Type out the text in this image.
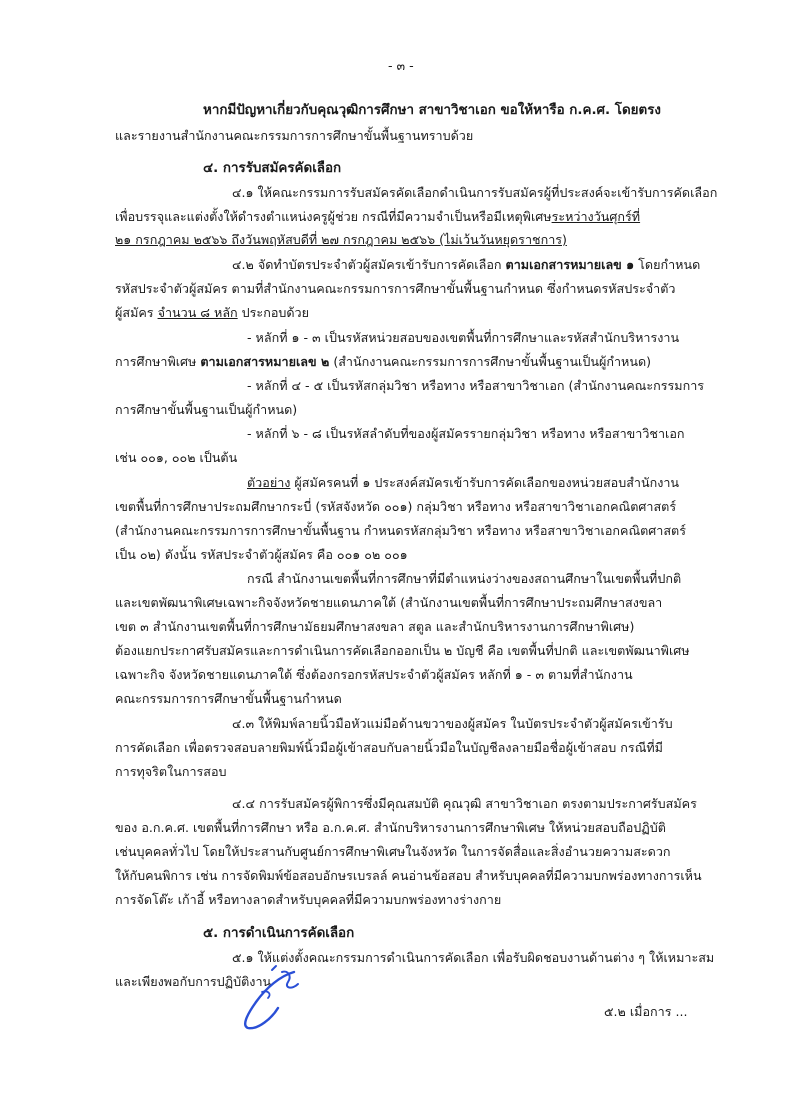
- ๓ -
หากมีปัญหาเกี่ยวกับคุณวุฒิการศึกษา สาขาวิชาเอก ขอให้หารือ ก.ค.ศ. โดยตรง
และรายงานสำนักงานคณะกรรมการการศึกษาขั้นพื้นฐานทราบด้วย
๔. การรับสมัครคัดเลือก
๔.๑ ให้คณะกรรมการรับสมัครคัดเลือกดำเนินการรับสมัครผู้ที่ประสงค์จะเข้ารับการคัดเลือก
เพื่อบรรจุและแต่งตั้งให้ดำรงตำแหน่งครูผู้ช่วย กรณีที่มีความจำเป็นหรือมีเหตุพิเศษระหว่างวันศุกร์ที่
๒๑ กรกฎาคม ๒๕๖๖ ถึงวันพฤหัสบดีที่ ๒๗ กรกฎาคม ๒๕๖๖ (ไม่เว้นวันหยุดราชการ)
๔.๒ จัดทำบัตรประจำตัวผู้สมัครเข้ารับการคัดเลือก ตามเอกสารหมายเลข ๑ โดยกำหนด
รหัสประจำตัวผู้สมัคร ตามที่สำนักงานคณะกรรมการการศึกษาขั้นพื้นฐานกำหนด ซึ่งกำหนดรหัสประจำตัว
ผู้สมัคร จำนวน ๘ หลัก ประกอบด้วย
- หลักที่ ๑ - ๓ เป็นรหัสหน่วยสอบของเขตพื้นที่การศึกษาและรหัสสำนักบริหารงาน
การศึกษาพิเศษ ตามเอกสารหมายเลข ๒ (สำนักงานคณะกรรมการการศึกษาขั้นพื้นฐานเป็นผู้กำหนด)
- หลักที่ ๔ - ๕ เป็นรหัสกลุ่มวิชา หรือทาง หรือสาขาวิชาเอก (สำนักงานคณะกรรมการ
การศึกษาขั้นพื้นฐานเป็นผู้กำหนด)
- หลักที่ ๖ - ๘ เป็นรหัสลำดับที่ของผู้สมัครรายกลุ่มวิชา หรือทาง หรือสาขาวิชาเอก
เช่น ๐๐๑, ๐๐๒ เป็นต้น
ตัวอย่าง ผู้สมัครคนที่ ๑ ประสงค์สมัครเข้ารับการคัดเลือกของหน่วยสอบสำนักงาน
เขตพื้นที่การศึกษาประถมศึกษากระบี่ (รหัสจังหวัด ๐๐๑) กลุ่มวิชา หรือทาง หรือสาขาวิชาเอกคณิตศาสตร์
(สำนักงานคณะกรรมการการศึกษาขั้นพื้นฐาน กำหนดรหัสกลุ่มวิชา หรือทาง หรือสาขาวิชาเอกคณิตศาสตร์
เป็น ๐๒) ดังนั้น รหัสประจำตัวผู้สมัคร คือ ๐๐๑ ๐๒ ๐๐๑
กรณี สำนักงานเขตพื้นที่การศึกษาที่มีตำแหน่งว่างของสถานศึกษาในเขตพื้นที่ปกติ
และเขตพัฒนาพิเศษเฉพาะกิจจังหวัดชายแดนภาคใต้ (สำนักงานเขตพื้นที่การศึกษาประถมศึกษาสงขลา
เขต ๓ สำนักงานเขตพื้นที่การศึกษามัธยมศึกษาสงขลา สตูล และสำนักบริหารงานการศึกษาพิเศษ)
ต้องแยกประกาศรับสมัครและการดำเนินการคัดเลือกออกเป็น ๒ บัญชี คือ เขตพื้นที่ปกติ และเขตพัฒนาพิเศษ
เฉพาะกิจ จังหวัดชายแดนภาคใต้ ซึ่งต้องกรอกรหัสประจำตัวผู้สมัคร หลักที่ ๑ - ๓ ตามที่สำนักงาน
คณะกรรมการการศึกษาขั้นพื้นฐานกำหนด
๔.๓ ให้พิมพ์ลายนิ้วมือหัวแม่มือด้านขวาของผู้สมัคร ในบัตรประจำตัวผู้สมัครเข้ารับ
การคัดเลือก เพื่อตรวจสอบลายพิมพ์นิ้วมือผู้เข้าสอบกับลายนิ้วมือในบัญชีลงลายมือชื่อผู้เข้าสอบ กรณีที่มี
การทุจริตในการสอบ
๔.๔ การรับสมัครผู้พิการซึ่งมีคุณสมบัติ คุณวุฒิ สาขาวิชาเอก ตรงตามประกาศรับสมัคร
ของ อ.ก.ค.ศ. เขตพื้นที่การศึกษา หรือ อ.ก.ค.ศ. สำนักบริหารงานการศึกษาพิเศษ ให้หน่วยสอบถือปฏิบัติ
เช่นบุคคลทั่วไป โดยให้ประสานกับศูนย์การศึกษาพิเศษในจังหวัด ในการจัดสื่อและสิ่งอำนวยความสะดวก
ให้กับคนพิการ เช่น การจัดพิมพ์ข้อสอบอักษรเบรลล์ คนอ่านข้อสอบ สำหรับบุคคลที่มีความบกพร่องทางการเห็น
การจัดโต๊ะ เก้าอี้ หรือทางลาดสำหรับบุคคลที่มีความบกพร่องทางร่างกาย
๕. การดำเนินการคัดเลือก
๕.๑ ให้แต่งตั้งคณะกรรมการดำเนินการคัดเลือก เพื่อรับผิดชอบงานด้านต่าง ๆ ให้เหมาะสม
และเพียงพอกับการปฏิบัติงาน
๕.๒ เมื่อการ ...
